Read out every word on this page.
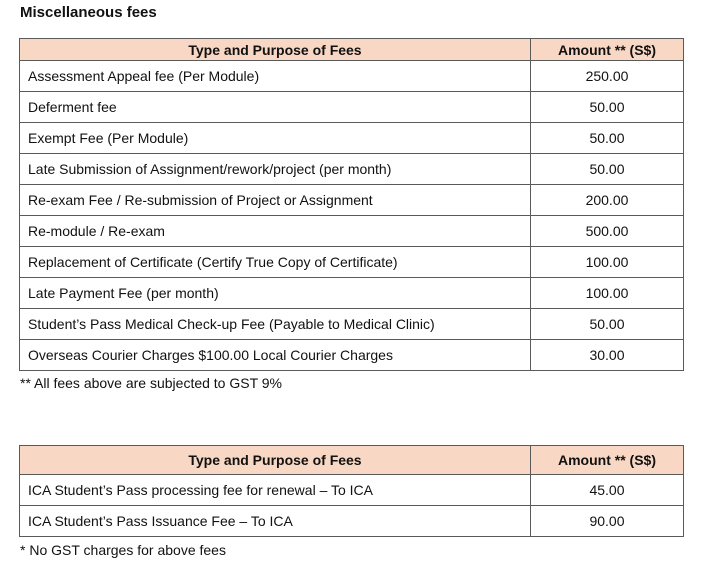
Miscellaneous fees
Type and Purpose of Fees	Amount ** (S$)
Assessment Appeal fee (Per Module)	250.00
Deferment fee	50.00
Exempt Fee (Per Module)	50.00
Late Submission of Assignment/rework/project (per month)	50.00
Re-exam Fee / Re-submission of Project or Assignment	200.00
Re-module / Re-exam	500.00
Replacement of Certificate (Certify True Copy of Certificate)	100.00
Late Payment Fee (per month)	100.00
Student’s Pass Medical Check-up Fee (Payable to Medical Clinic)	50.00
Overseas Courier Charges $100.00 Local Courier Charges	30.00
** All fees above are subjected to GST 9%
Type and Purpose of Fees	Amount ** (S$)
ICA Student’s Pass processing fee for renewal – To ICA	45.00
ICA Student’s Pass Issuance Fee – To ICA	90.00
* No GST charges for above fees
